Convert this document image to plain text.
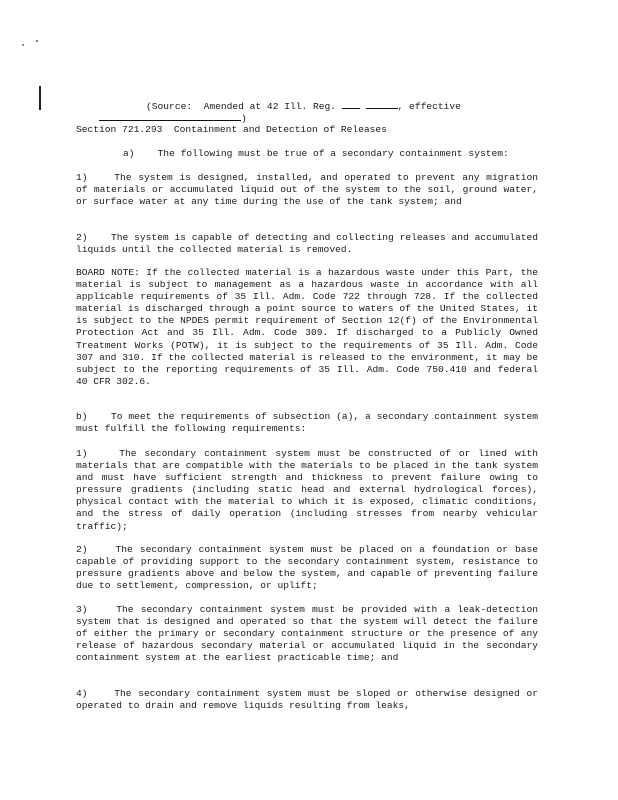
(Source:  Amended at 42 Ill. Reg.	, effective

)

Section 721.293  Containment and Detection of Releases
a)    The following must be true of a secondary containment system:

1)	The system is designed, installed, and operated to prevent any migration of materials or accumulated liquid out of the system to the soil, ground water, or surface water at any time during the use of the tank system; and

2) The system is capable of detecting and collecting releases and accumulated liquids until the collected material is removed.

BOARD NOTE: If the collected material is a hazardous waste under this Part, the material is subject to management as a hazardous waste in accordance with all applicable requirements of 35 Ill. Adm. Code 722 through 728. If the collected material is discharged through a point source to waters of the United States, it is subject to the NPDES permit requirement of Section 12(f) of the Environmental Protection Act and 35 Ill. Adm. Code 309. If discharged to a Publicly Owned Treatment Works (POTW), it is subject to the requirements of 35 Ill. Adm. Code 307 and 310. If the collected material is released to the environment, it may be subject to the reporting requirements of 35 Ill. Adm. Code 750.410 and federal 40 CFR 302.6.

b) To meet the requirements of subsection (a), a secondary containment system must fulfill the following requirements:

1)	The secondary containment system must be constructed of or lined with materials that are compatible with the materials to be placed in the tank system and must have sufficient strength and thickness to prevent failure owing to pressure gradients (including static head and external hydrological forces), physical contact with the material to which it is exposed, climatic conditions, and the stress of daily operation (including stresses from nearby vehicular traffic);

2)	The secondary containment system must be placed on a foundation or base capable of providing support to the secondary containment system, resistance to pressure gradients above and below the system, and capable of preventing failure due to settlement, compression, or uplift;

3)	The secondary containment system must be provided with a leak-detection system that is designed and operated so that the system will detect the failure of either the primary or secondary containment structure or the presence of any release of hazardous secondary material or accumulated liquid in the secondary containment system at the earliest practicable time; and

4)	The secondary containment system must be sloped or otherwise designed or operated to drain and remove liquids resulting from leaks,
